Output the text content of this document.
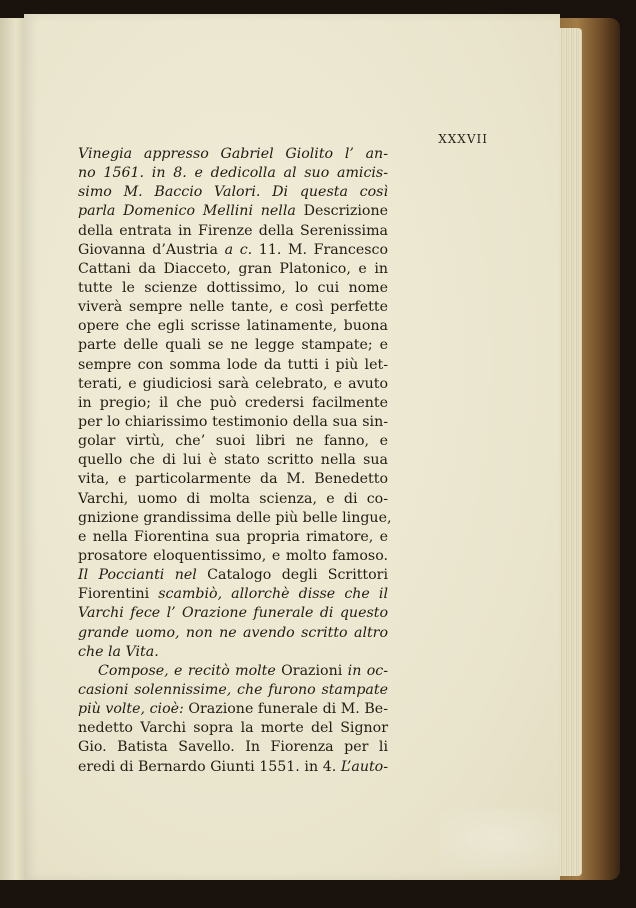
XXXVII
Vinegia appresso Gabriel Giolito l’ an-
no 1561. in 8. e dedicolla al suo amicis-
simo M. Baccio Valori. Di questa così
parla Domenico Mellini nella Descrizione
della entrata in Firenze della Serenissima
Giovanna d’Austria a c. 11. M. Francesco
Cattani da Diacceto, gran Platonico, e in
tutte le scienze dottissimo, lo cui nome
viverà sempre nelle tante, e così perfette
opere che egli scrisse latinamente, buona
parte delle quali se ne legge stampate; e
sempre con somma lode da tutti i più let-
terati, e giudiciosi sarà celebrato, e avuto
in pregio; il che può credersi facilmente
per lo chiarissimo testimonio della sua sin-
golar virtù, che’ suoi libri ne fanno, e
quello che di lui è stato scritto nella sua
vita, e particolarmente da M. Benedetto
Varchi, uomo di molta scienza, e di co-
gnizione grandissima delle più belle lingue,
e nella Fiorentina sua propria rimatore, e
prosatore eloquentissimo, e molto famoso.
Il Poccianti nel Catalogo degli Scrittori
Fiorentini scambiò, allorchè disse che il
Varchi fece l’ Orazione funerale di questo
grande uomo, non ne avendo scritto altro
che la Vita.
Compose, e recitò molte Orazioni in oc-
casioni solennissime, che furono stampate
più volte, cioè: Orazione funerale di M. Be-
nedetto Varchi sopra la morte del Signor
Gio. Batista Savello. In Fiorenza per li
eredi di Bernardo Giunti 1551. in 4. L’auto-
